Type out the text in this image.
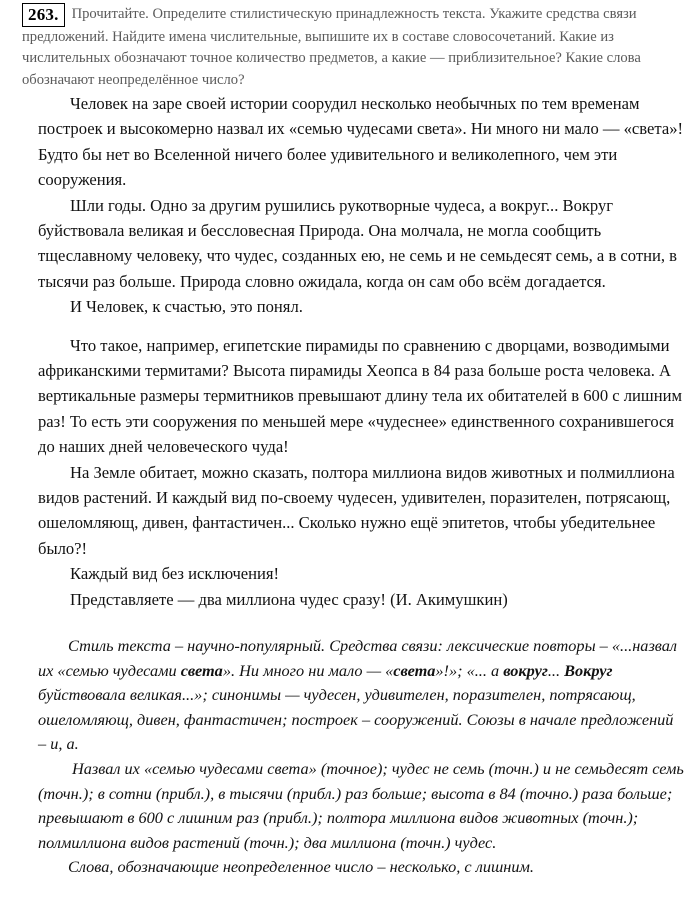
263. Прочитайте. Определите стилистическую принадлежность текста. Укажите средства связи предложений. Найдите имена числительные, выпишите их в составе словосочетаний. Какие из числительных обозначают точное количество предметов, а какие — приблизительное? Какие слова обозначают неопределённое число?

Человек на заре своей истории соорудил несколько необычных по тем временам построек и высокомерно назвал их «семью чудесами света». Ни много ни мало — «света»! Будто бы нет во Вселенной ничего более удивительного и великолепного, чем эти сооружения.

Шли годы. Одно за другим рушились рукотворные чудеса, а вокруг... Вокруг буйствовала великая и бессловесная Природа. Она молчала, не могла сообщить тщеславному человеку, что чудес, созданных ею, не семь и не семьдесят семь, а в сотни, в тысячи раз больше. Природа словно ожидала, когда он сам обо всём догадается.

И Человек, к счастью, это понял.

Что такое, например, египетские пирамиды по сравнению с дворцами, возводимыми африканскими термитами? Высота пирамиды Хеопса в 84 раза больше роста человека. А вертикальные размеры термитников превышают длину тела их обитателей в 600 с лишним раз! То есть эти сооружения по меньшей мере «чудеснее» единственного сохранившегося до наших дней человеческого чуда!

На Земле обитает, можно сказать, полтора миллиона видов животных и полмиллиона видов растений. И каждый вид по-своему чудесен, удивителен, поразителен, потрясающ, ошеломляющ, дивен, фантастичен... Сколько нужно ещё эпитетов, чтобы убедительнее было?!

Каждый вид без исключения!

Представляете — два миллиона чудес сразу! (И. Акимушкин)

Стиль текста – научно-популярный. Средства связи: лексические повторы – «...назвал их «семью чудесами света». Ни много ни мало — «света»!»; «... а вокруг... Вокруг буйствовала великая...»; синонимы — чудесен, удивителен, поразителен, потрясающ, ошеломляющ, дивен, фантастичен; построек – сооружений. Союзы в начале предложений – и, а.

Назвал их «семью чудесами света» (точное); чудес не семь (точн.) и не семьдесят семь (точн.); в сотни (прибл.), в тысячи (прибл.) раз больше; высота в 84 (точно.) раза больше; превышают в 600 с лишним раз (прибл.); полтора миллиона видов животных (точн.); полмиллиона видов растений (точн.); два миллиона (точн.) чудес.

Слова, обозначающие неопределенное число – несколько, с лишним.
